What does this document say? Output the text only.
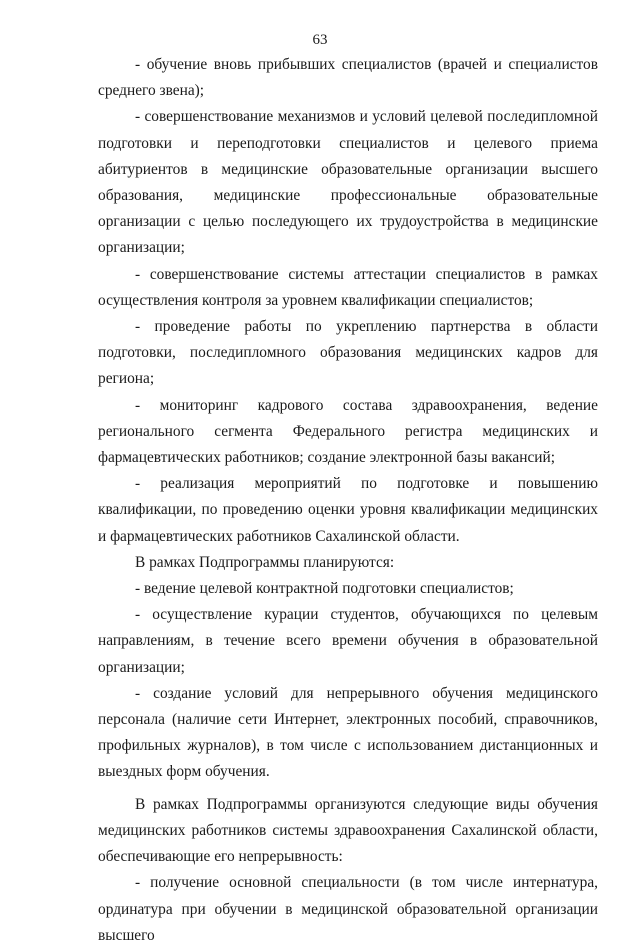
63

- обучение вновь прибывших специалистов (врачей и специалистов среднего звена);

- совершенствование механизмов и условий целевой последипломной подготовки и переподготовки специалистов и целевого приема абитуриентов в медицинские образовательные организации высшего образования, медицинские профессиональные образовательные организации с целью последующего их трудоустройства в медицинские организации;

- совершенствование системы аттестации специалистов в рамках осуществления контроля за уровнем квалификации специалистов;

- проведение работы по укреплению партнерства в области подготовки, последипломного образования медицинских кадров для региона;

- мониторинг кадрового состава здравоохранения, ведение регионального сегмента Федерального регистра медицинских и фармацевтических работников; создание электронной базы вакансий;

- реализация мероприятий по подготовке и повышению квалификации, по проведению оценки уровня квалификации медицинских и фармацевтических работников Сахалинской области.

В рамках Подпрограммы планируются:

- ведение целевой контрактной подготовки специалистов;

- осуществление курации студентов, обучающихся по целевым направлениям, в течение всего времени обучения в образовательной организации;

- создание условий для непрерывного обучения медицинского персонала (наличие сети Интернет, электронных пособий, справочников, профильных журналов), в том числе с использованием дистанционных и выездных форм обучения.

В рамках Подпрограммы организуются следующие виды обучения медицинских работников системы здравоохранения Сахалинской области, обеспечивающие его непрерывность:

- получение основной специальности (в том числе интернатура, ординатура при обучении в медицинской образовательной организации высшего
